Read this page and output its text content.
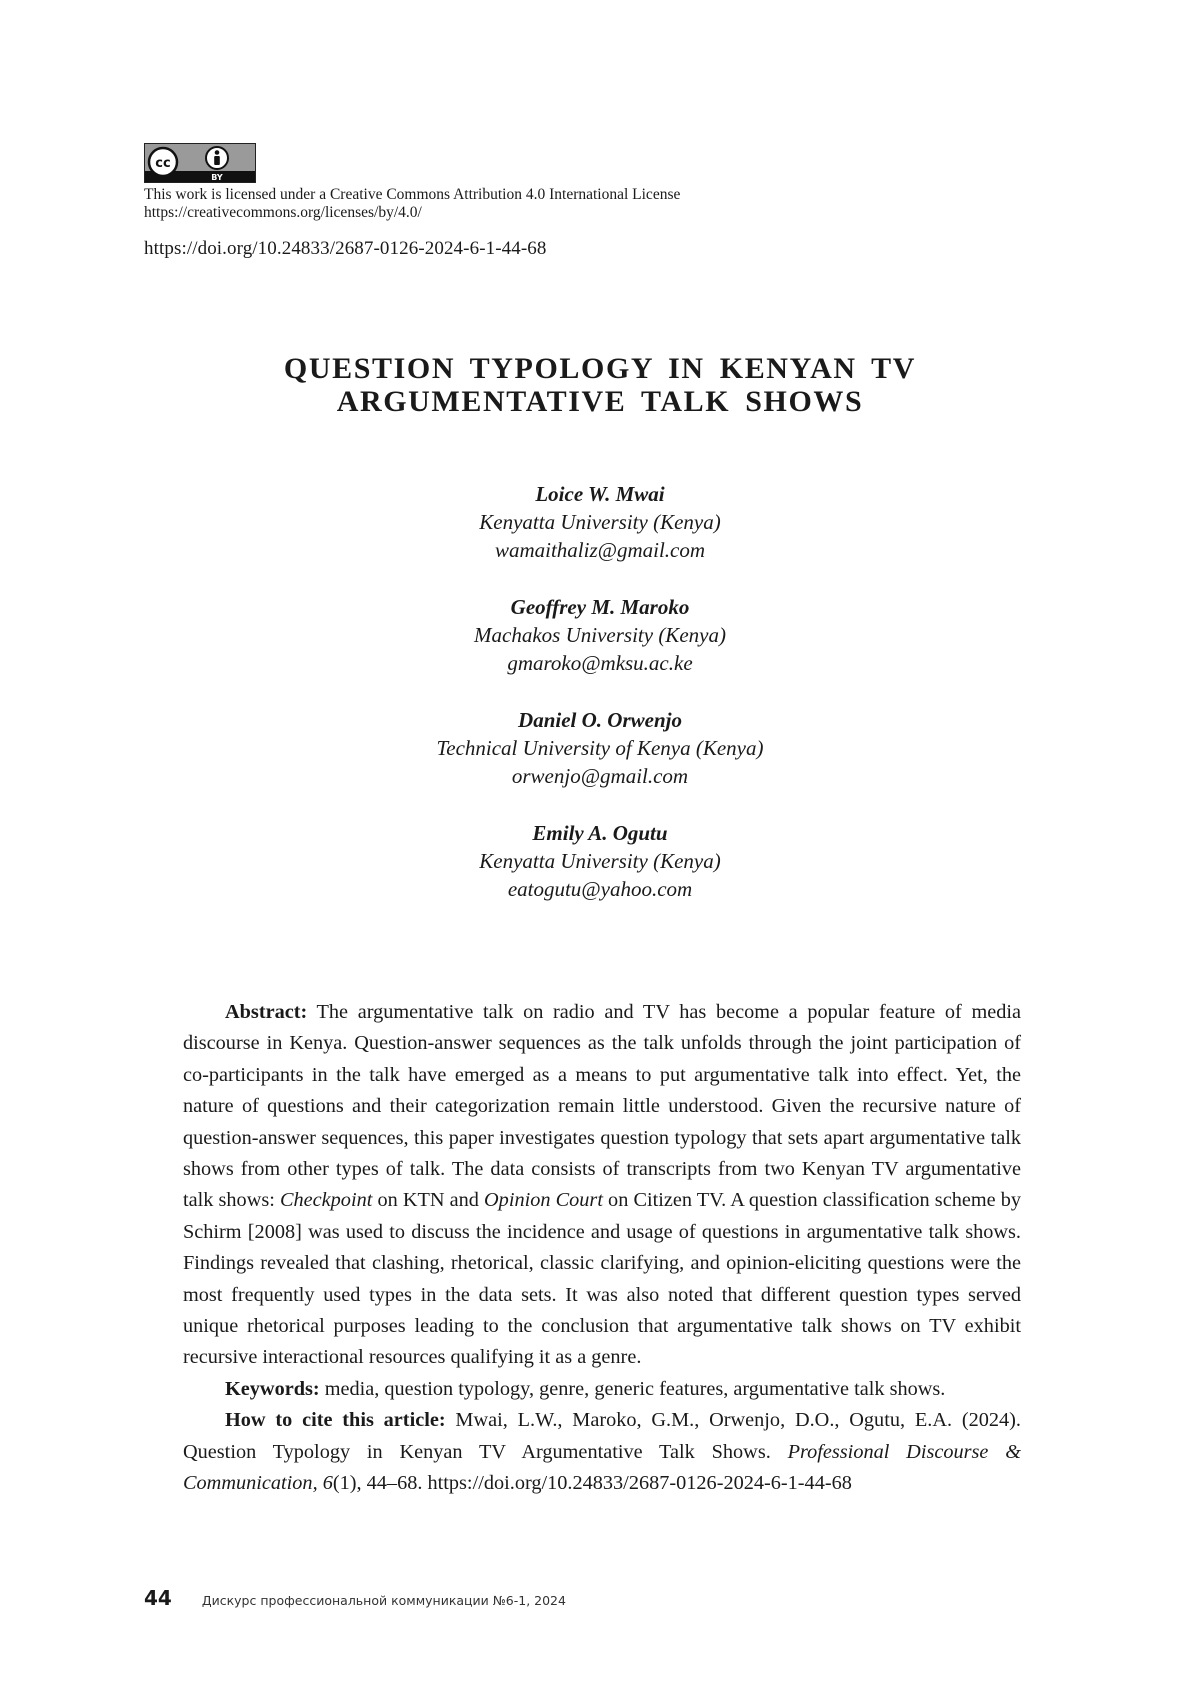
cc
BY
This work is licensed under a Creative Commons Attribution 4.0 International License
https://creativecommons.org/licenses/by/4.0/
https://doi.org/10.24833/2687-0126-2024-6-1-44-68
QUESTION TYPOLOGY IN KENYAN TV
ARGUMENTATIVE TALK SHOWS
Loice W. Mwai
Kenyatta University (Kenya)
wamaithaliz@gmail.com
Geoffrey M. Maroko
Machakos University (Kenya)
gmaroko@mksu.ac.ke
Daniel O. Orwenjo
Technical University of Kenya (Kenya)
orwenjo@gmail.com
Emily A. Ogutu
Kenyatta University (Kenya)
eatogutu@yahoo.com

Abstract: The argumentative talk on radio and TV has become a popular feature of media discourse in Kenya. Question-answer sequences as the talk unfolds through the joint participation of co-participants in the talk have emerged as a means to put argumentative talk into effect. Yet, the nature of questions and their categorization remain little understood. Given the recursive nature of question-answer sequences, this paper investigates question typology that sets apart argumentative talk shows from other types of talk. The data consists of transcripts from two Kenyan TV argumentative talk shows: Checkpoint on KTN and Opinion Court on Citizen TV. A question classification scheme by Schirm [2008] was used to discuss the incidence and usage of questions in argumentative talk shows. Findings revealed that clashing, rhetorical, classic clarifying, and opinion-eliciting questions were the most frequently used types in the data sets. It was also noted that different question types served unique rhetorical purposes leading to the conclusion that argumentative talk shows on TV exhibit recursive interactional resources qualifying it as a genre.

Keywords: media, question typology, genre, generic features, argumentative talk shows.

How to cite this article: Mwai, L.W., Maroko, G.M., Orwenjo, D.O., Ogutu, E.A. (2024). Question Typology in Kenyan TV Argumentative Talk Shows. Professional Discourse & Communication, 6(1), 44–68. https://doi.org/10.24833/2687-0126-2024-6-1-44-68

44 Дискурс профессиональной коммуникации №6-1, 2024
